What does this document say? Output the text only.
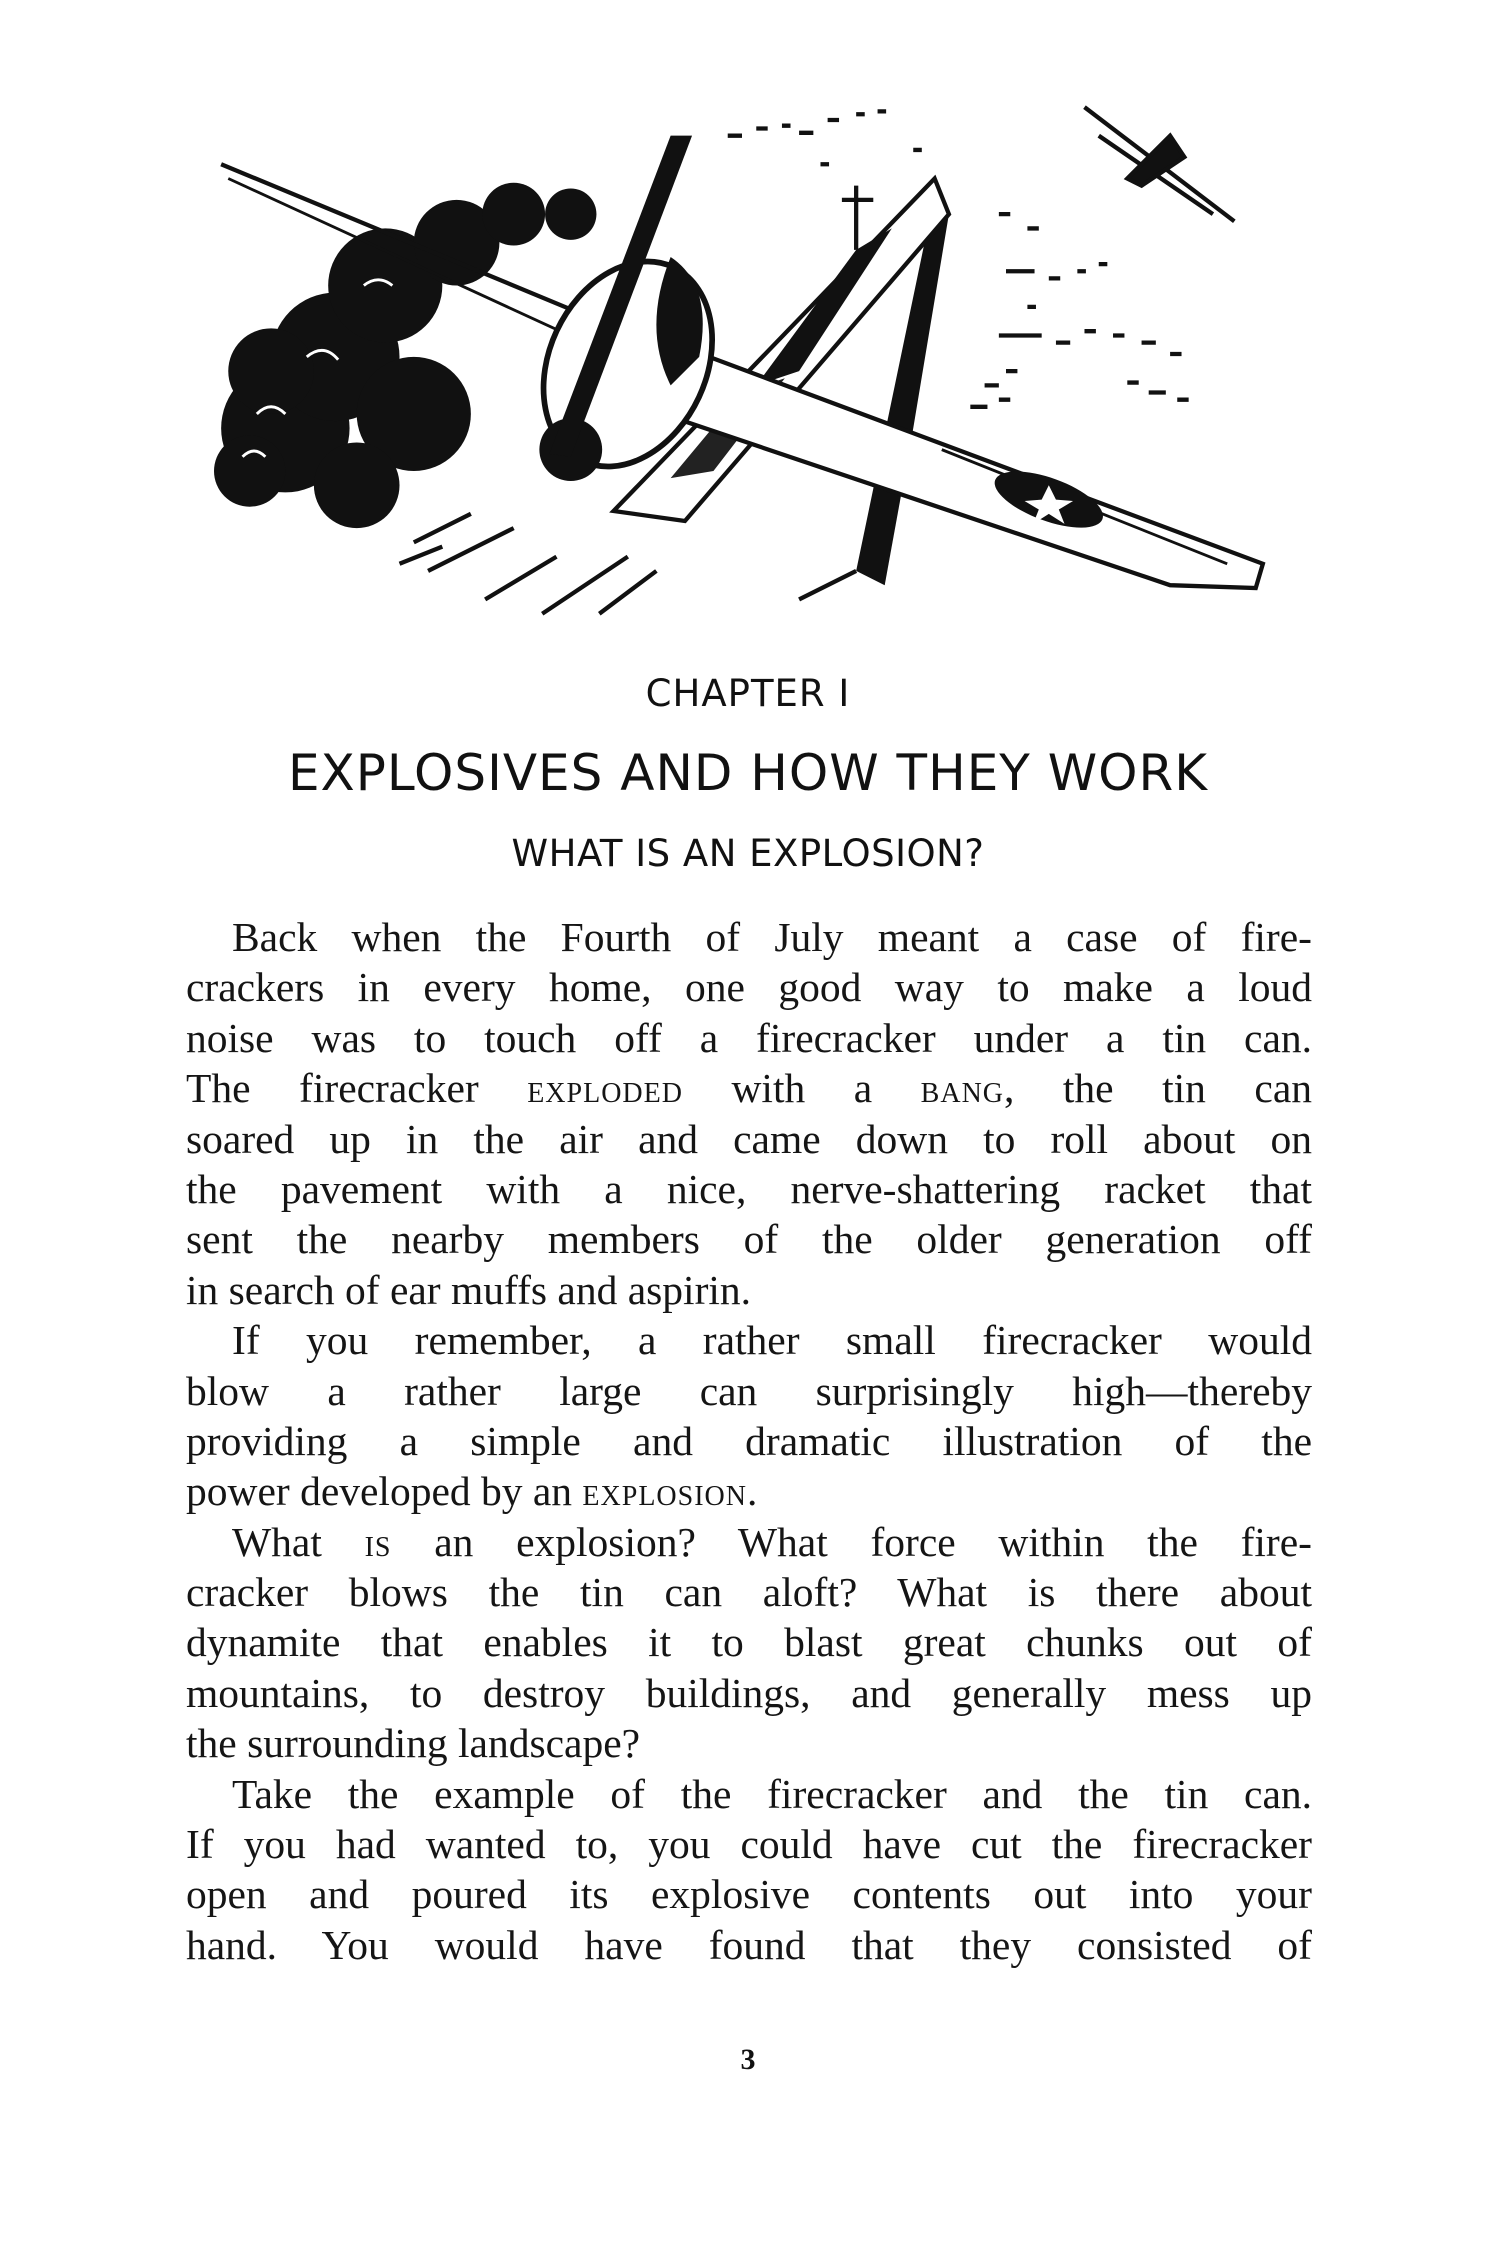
CHAPTER I
EXPLOSIVES AND HOW THEY WORK
WHAT IS AN EXPLOSION?
Back when the Fourth of July meant a case of fire-
crackers in every home, one good way to make a loud
noise was to touch off a firecracker under a tin can.
The firecracker exploded with a bang, the tin can
soared up in the air and came down to roll about on
the pavement with a nice, nerve-shattering racket that
sent the nearby members of the older generation off
in search of ear muffs and aspirin.
If you remember, a rather small firecracker would
blow a rather large can surprisingly high—thereby
providing a simple and dramatic illustration of the
power developed by an explosion.
What is an explosion? What force within the fire-
cracker blows the tin can aloft? What is there about
dynamite that enables it to blast great chunks out of
mountains, to destroy buildings, and generally mess up
the surrounding landscape?
Take the example of the firecracker and the tin can.
If you had wanted to, you could have cut the firecracker
open and poured its explosive contents out into your
hand. You would have found that they consisted of
3
